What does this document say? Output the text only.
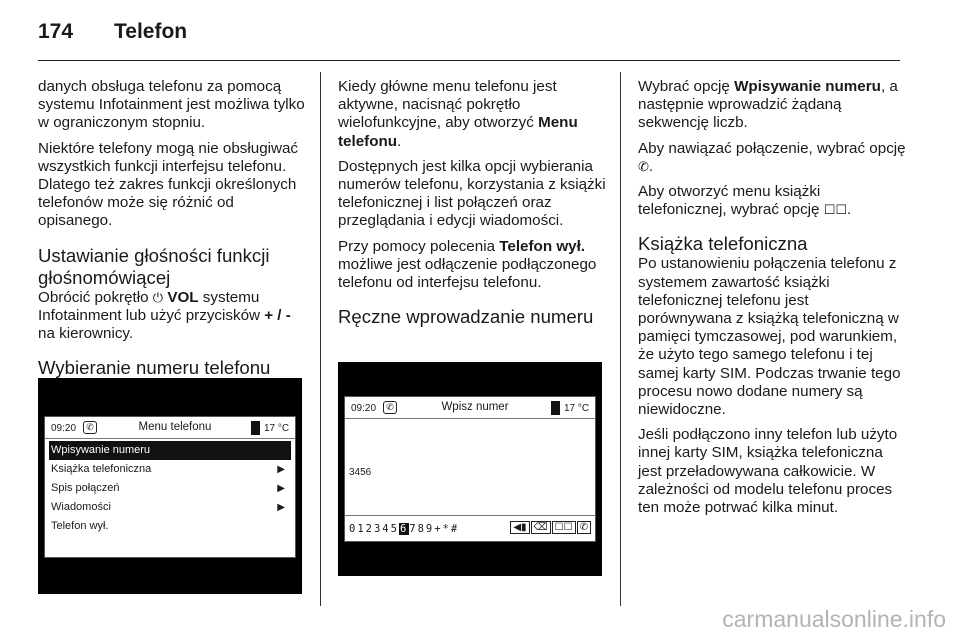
174 Telefon

danych obsługa telefonu za pomocą systemu Infotainment jest możliwa tylko w ograniczonym stopniu.

Niektóre telefony mogą nie obsługiwać wszystkich funkcji interfejsu telefonu. Dlatego też zakres funkcji określonych telefonów może się różnić od opisanego.

Ustawianie głośności funkcji głośnomówiącej

Obrócić pokrętło ⏻ VOL systemu Infotainment lub użyć przycisków + / - na kierownicy.

Wybieranie numeru telefonu
09:20	✆	Menu telefonu	17 °C
Wpisywanie numeru
Książka telefoniczna	▶
Spis połączeń	▶
Wiadomości	▶
Telefon wył.

Kiedy główne menu telefonu jest aktywne, nacisnąć pokrętło wielofunkcyjne, aby otworzyć Menu telefonu.

Dostępnych jest kilka opcji wybierania numerów telefonu, korzystania z książki telefonicznej i list połączeń oraz przeglądania i edycji wiadomości.

Przy pomocy polecenia Telefon wył. możliwe jest odłączenie podłączonego telefonu od interfejsu telefonu.

Ręczne wprowadzanie numeru
09:20	✆	Wpisz numer	17 °C
3456
0123456789+*#	◀▮ ⌫ ☐☐ ✆

Wybrać opcję Wpisywanie numeru, a następnie wprowadzić żądaną sekwencję liczb.

Aby nawiązać połączenie, wybrać opcję ✆.

Aby otworzyć menu książki telefonicznej, wybrać opcję ☐☐.

Książka telefoniczna

Po ustanowieniu połączenia telefonu z systemem zawartość książki telefonicznej telefonu jest porównywana z książką telefoniczną w pamięci tymczasowej, pod warunkiem, że użyto tego samego telefonu i tej samej karty SIM. Podczas trwanie tego procesu nowo dodane numery są niewidoczne.

Jeśli podłączono inny telefon lub użyto innej karty SIM, książka telefoniczna jest przeładowywana całkowicie. W zależności od modelu telefonu proces ten może potrwać kilka minut.

carmanualsonline.info
